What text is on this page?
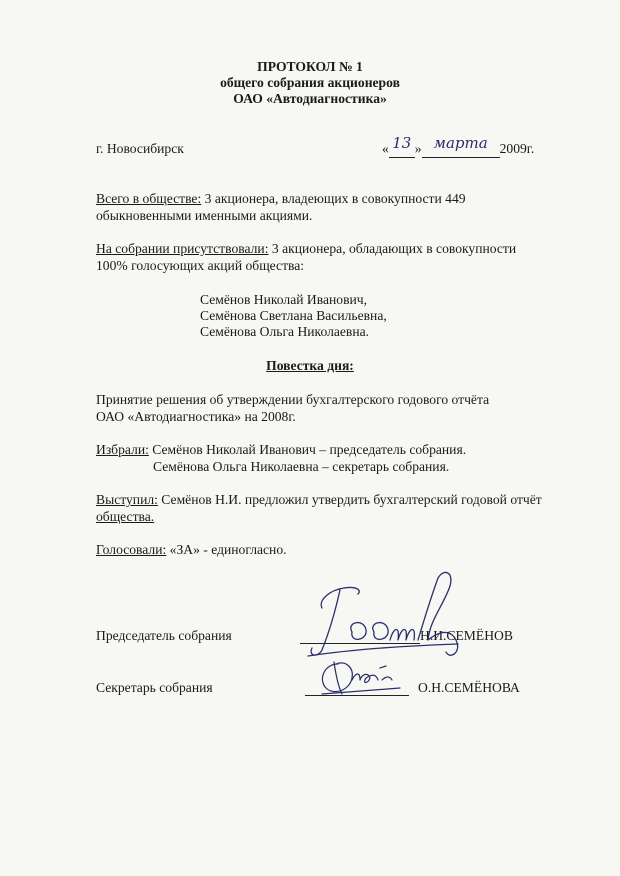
ПРОТОКОЛ № 1
общего собрания акционеров
ОАО «Автодиагностика»
г. Новосибирск	« 13 » марта 2009г.
Всего в обществе: 3 акционера, владеющих в совокупности 449
обыкновенными именными акциями.
На собрании присутствовали: 3 акционера, обладающих в совокупности
100% голосующих акций общества:
Семёнов Николай Иванович,
Семёнова Светлана Васильевна,
Семёнова Ольга Николаевна.
Повестка дня:
Принятие решения об утверждении бухгалтерского годового отчёта
ОАО «Автодиагностика» на 2008г.
Избрали: Семёнов Николай Иванович – председатель собрания.
Семёнова Ольга Николаевна – секретарь собрания.
Выступил: Семёнов Н.И. предложил утвердить бухгалтерский годовой отчёт
общества.
Голосовали: «ЗА» - единогласно.
Председатель собрания	Н.И.СЕМЁНОВ
Секретарь собрания	О.Н.СЕМЁНОВА
